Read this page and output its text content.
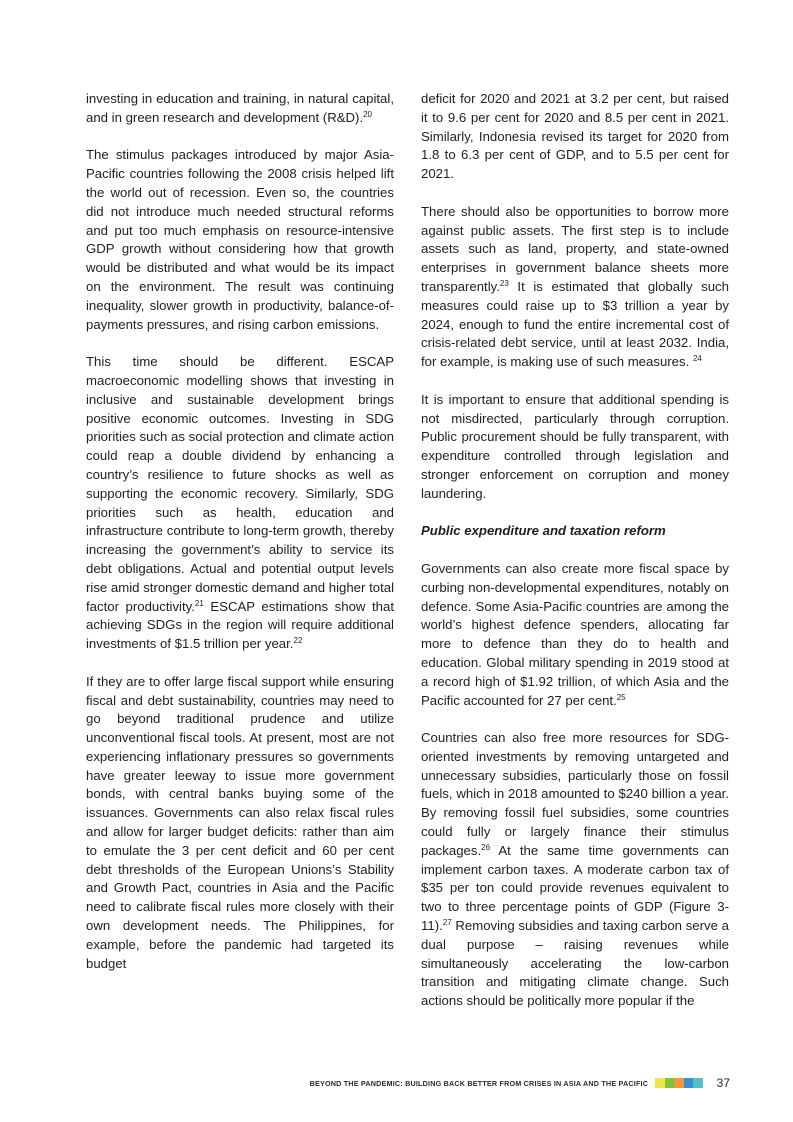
investing in education and training, in natural capital, and in green research and development (R&D).$^{20}$

The stimulus packages introduced by major Asia-Pacific countries following the 2008 crisis helped lift the world out of recession. Even so, the countries did not introduce much needed structural reforms and put too much emphasis on resource-intensive GDP growth without considering how that growth would be distributed and what would be its impact on the environment. The result was continuing inequality, slower growth in productivity, balance-of-payments pressures, and rising carbon emissions.

This time should be different. ESCAP macroeconomic modelling shows that investing in inclusive and sustainable development brings positive economic outcomes. Investing in SDG priorities such as social protection and climate action could reap a double dividend by enhancing a country’s resilience to future shocks as well as supporting the economic recovery. Similarly, SDG priorities such as health, education and infrastructure contribute to long-term growth, thereby increasing the government’s ability to service its debt obligations. Actual and potential output levels rise amid stronger domestic demand and higher total factor productivity.$^{21}$ ESCAP estimations show that achieving SDGs in the region will require additional investments of $1.5 trillion per year.$^{22}$

If they are to offer large fiscal support while ensuring fiscal and debt sustainability, countries may need to go beyond traditional prudence and utilize unconventional fiscal tools. At present, most are not experiencing inflationary pressures so governments have greater leeway to issue more government bonds, with central banks buying some of the issuances. Governments can also relax fiscal rules and allow for larger budget deficits: rather than aim to emulate the 3 per cent deficit and 60 per cent debt thresholds of the European Unions’s Stability and Growth Pact, countries in Asia and the Pacific need to calibrate fiscal rules more closely with their own development needs. The Philippines, for example, before the pandemic had targeted its budget

deficit for 2020 and 2021 at 3.2 per cent, but raised it to 9.6 per cent for 2020 and 8.5 per cent in 2021. Similarly, Indonesia revised its target for 2020 from 1.8 to 6.3 per cent of GDP, and to 5.5 per cent for 2021.

There should also be opportunities to borrow more against public assets. The first step is to include assets such as land, property, and state-owned enterprises in government balance sheets more transparently.$^{23}$ It is estimated that globally such measures could raise up to $3 trillion a year by 2024, enough to fund the entire incremental cost of crisis-related debt service, until at least 2032. India, for example, is making use of such measures. $^{24}$

It is important to ensure that additional spending is not misdirected, particularly through corruption. Public procurement should be fully transparent, with expenditure controlled through legislation and stronger enforcement on corruption and money laundering.

Public expenditure and taxation reform

Governments can also create more fiscal space by curbing non-developmental expenditures, notably on defence. Some Asia-Pacific countries are among the world’s highest defence spenders, allocating far more to defence than they do to health and education. Global military spending in 2019 stood at a record high of $1.92 trillion, of which Asia and the Pacific accounted for 27 per cent.$^{25}$

Countries can also free more resources for SDG-oriented investments by removing untargeted and unnecessary subsidies, particularly those on fossil fuels, which in 2018 amounted to $240 billion a year. By removing fossil fuel subsidies, some countries could fully or largely finance their stimulus packages.$^{26}$ At the same time governments can implement carbon taxes. A moderate carbon tax of $35 per ton could provide revenues equivalent to two to three percentage points of GDP (Figure 3-11).$^{27}$ Removing subsidies and taxing carbon serve a dual purpose – raising revenues while simultaneously accelerating the low-carbon transition and mitigating climate change. Such actions should be politically more popular if the

BEYOND THE PANDEMIC: BUILDING BACK BETTER FROM CRISES IN ASIA AND THE PACIFIC	37
